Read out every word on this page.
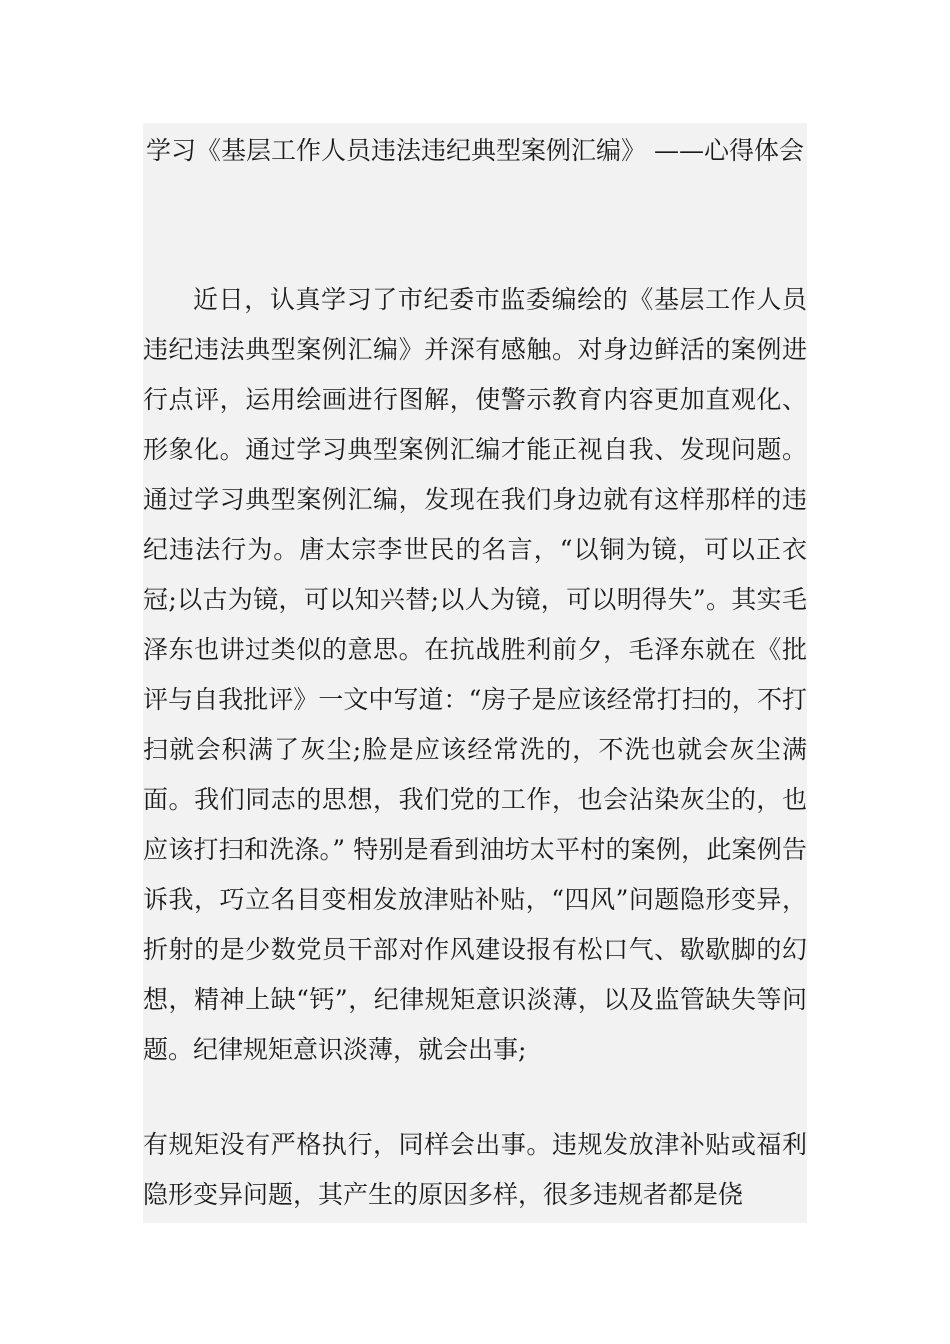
学习《基层工作人员违法违纪典型案例汇编》 ——心得体会

近日，认真学习了市纪委市监委编绘的《基层工作人员违纪违法典型案例汇编》并深有感触。对身边鲜活的案例进行点评，运用绘画进行图解，使警示教育内容更加直观化、形象化。通过学习典型案例汇编才能正视自我、发现问题。通过学习典型案例汇编，发现在我们身边就有这样那样的违纪违法行为。唐太宗李世民的名言，“以铜为镜，可以正衣冠;以古为镜，可以知兴替;以人为镜，可以明得失”。其实毛泽东也讲过类似的意思。在抗战胜利前夕，毛泽东就在《批评与自我批评》一文中写道：“房子是应该经常打扫的，不打扫就会积满了灰尘;脸是应该经常洗的，不洗也就会灰尘满面。我们同志的思想，我们党的工作，也会沾染灰尘的，也应该打扫和洗涤。” 特别是看到油坊太平村的案例，此案例告诉我，巧立名目变相发放津贴补贴，“四风”问题隐形变异，折射的是少数党员干部对作风建设报有松口气、歇歇脚的幻想，精神上缺“钙”，纪律规矩意识淡薄，以及监管缺失等问题。纪律规矩意识淡薄，就会出事;

有规矩没有严格执行，同样会出事。违规发放津补贴或福利隐形变异问题，其产生的原因多样，很多违规者都是侥
